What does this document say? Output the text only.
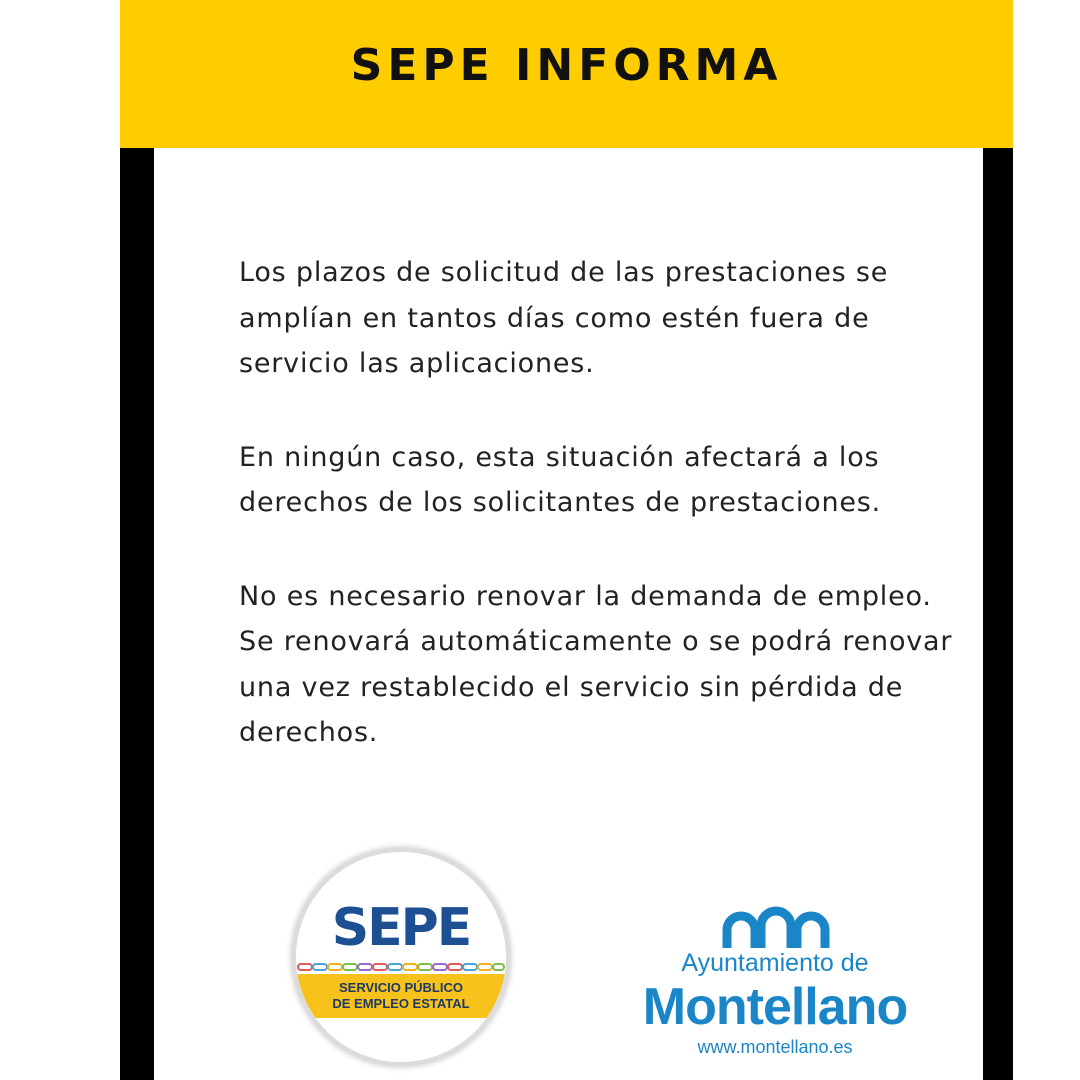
SEPE INFORMA

Los plazos de solicitud de las prestaciones se amplían en tantos días como estén fuera de servicio las aplicaciones.

En ningún caso, esta situación afectará a los derechos de los solicitantes de prestaciones.

No es necesario renovar la demanda de empleo. Se renovará automáticamente o se podrá renovar una vez restablecido el servicio sin pérdida de derechos.

SEPE
SERVICIO PÚBLICO
DE EMPLEO ESTATAL
Ayuntamiento de
Montellano
www.montellano.es
